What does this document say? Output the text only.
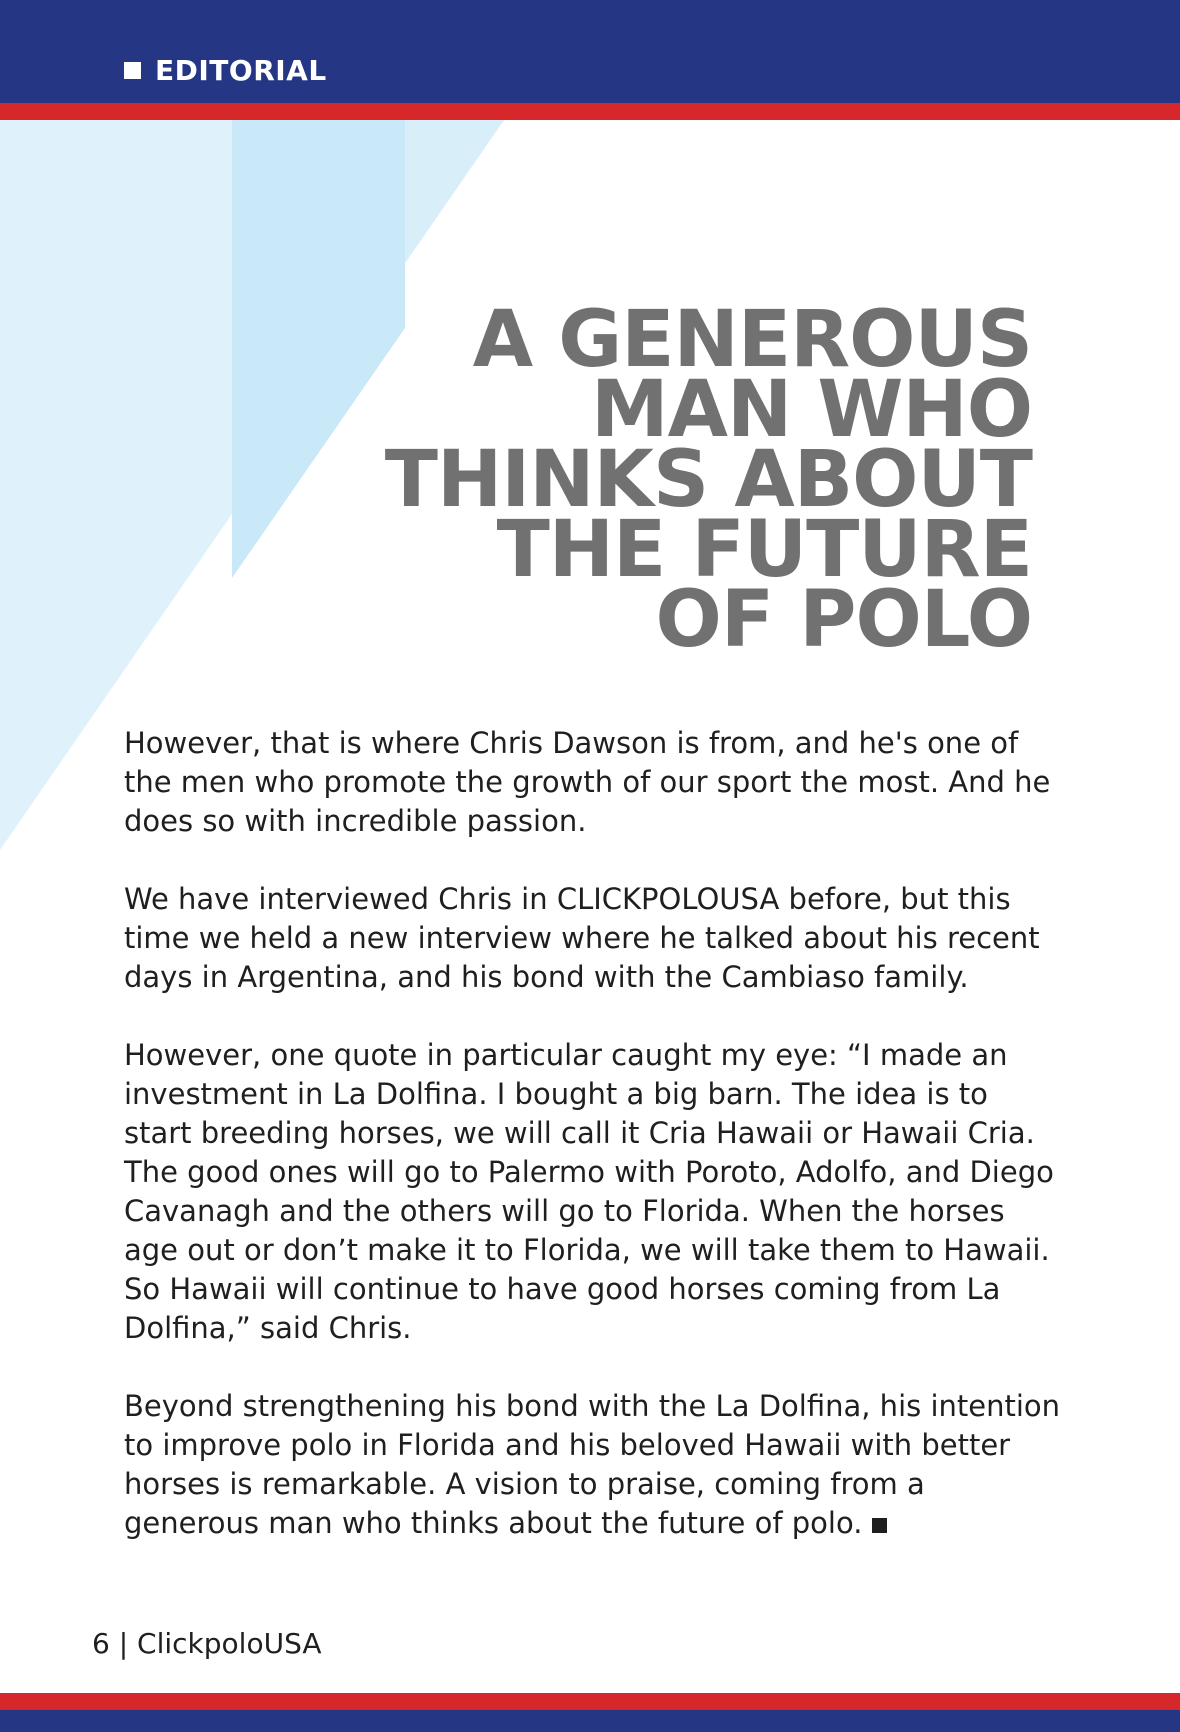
EDITORIAL
A GENEROUS
MAN WHO
THINKS ABOUT
THE FUTURE
OF POLO

However, that is where Chris Dawson is from, and he's one of the men who promote the growth of our sport the most. And he does so with incredible passion.

We have interviewed Chris in CLICKPOLOUSA before, but this time we held a new interview where he talked about his recent days in Argentina, and his bond with the Cambiaso family.

However, one quote in particular caught my eye: “I made an investment in La Dolfina. I bought a big barn. The idea is to start breeding horses, we will call it Cria Hawaii or Hawaii Cria. The good ones will go to Palermo with Poroto, Adolfo, and Diego Cavanagh and the others will go to Florida. When the horses age out or don’t make it to Florida, we will take them to Hawaii. So Hawaii will continue to have good horses coming from La Dolfina,” said Chris.

Beyond strengthening his bond with the La Dolfina, his intention to improve polo in Florida and his beloved Hawaii with better horses is remarkable. A vision to praise, coming from a generous man who thinks about the future of polo.

6 | ClickpoloUSA
